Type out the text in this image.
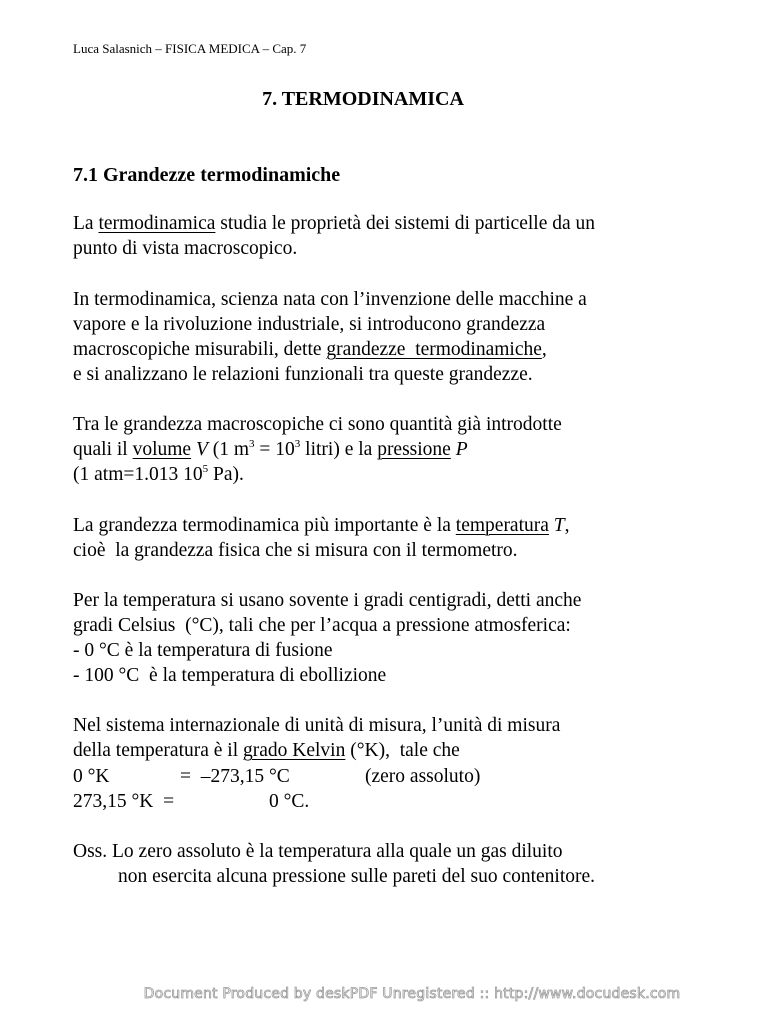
Luca Salasnich – FISICA MEDICA – Cap. 7
7. TERMODINAMICA
7.1 Grandezze termodinamiche
La termodinamica studia le proprietà dei sistemi di particelle da un
punto di vista macroscopico.
In termodinamica, scienza nata con l’invenzione delle macchine a
vapore e la rivoluzione industriale, si introducono grandezza
macroscopiche misurabili, dette grandezze  termodinamiche,
e si analizzano le relazioni funzionali tra queste grandezze.
Tra le grandezza macroscopiche ci sono quantità già introdotte
quali il volume V (1 $m^3 = 10^3$ litri) e la pressione P
(1 atm=1.013 $10^5$ Pa).
La grandezza termodinamica più importante è la temperatura T,
cioè  la grandezza fisica che si misura con il termometro.
Per la temperatura si usano sovente i gradi centigradi, detti anche
gradi Celsius  (°C), tali che per l’acqua a pressione atmosferica:
- 0 °C è la temperatura di fusione
- 100 °C  è la temperatura di ebollizione
Nel sistema internazionale di unità di misura, l’unità di misura
della temperatura è il grado Kelvin (°K),  tale che
0 °K	=  –273,15 °C	(zero assoluto)
273,15 °K  =	0 °C.
Oss. Lo zero assoluto è la temperatura alla quale un gas diluito
non esercita alcuna pressione sulle pareti del suo contenitore.
Document Produced by deskPDF Unregistered :: http://www.docudesk.com
